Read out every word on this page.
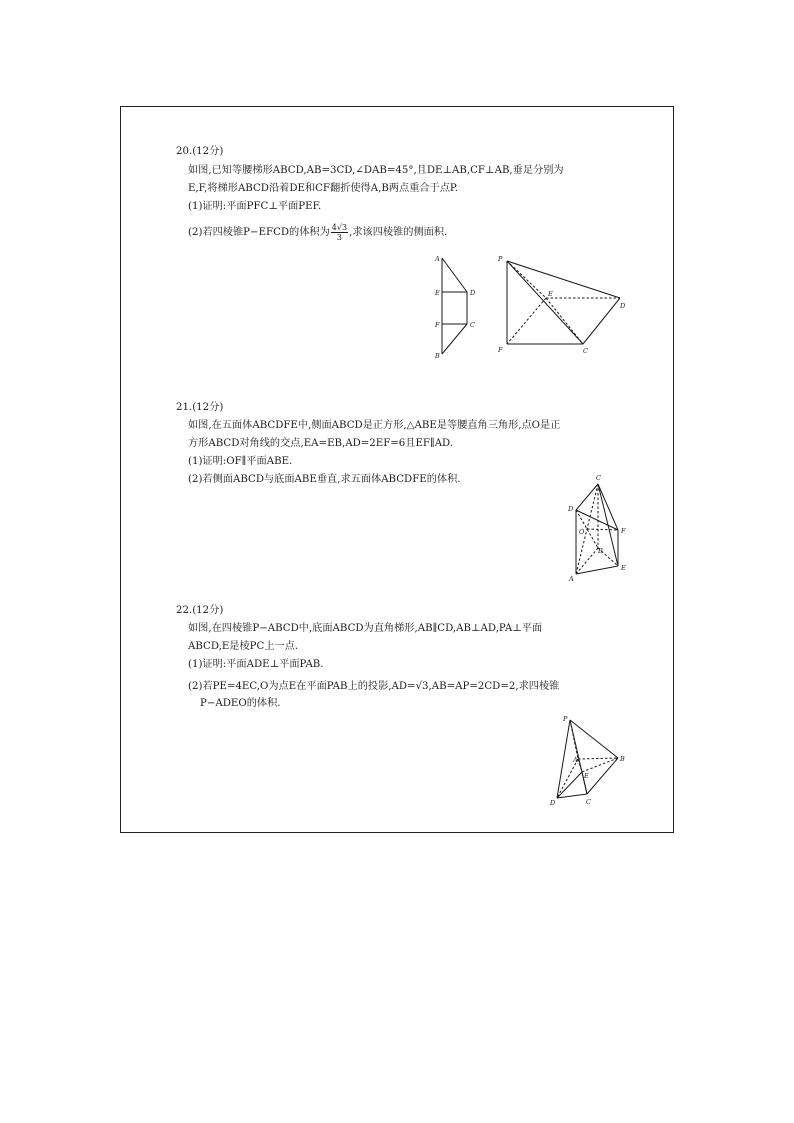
20.(12分)
如图,已知等腰梯形ABCD,AB=3CD,∠DAB=45°,且DE⊥AB,CF⊥AB,垂足分别为
E,F,将梯形ABCD沿着DE和CF翻折使得A,B两点重合于点P.
(1)证明:平面PFC⊥平面PEF.
(2)若四棱锥P−EFCD的体积为 $\frac{4√3}{3}$ ,求该四棱锥的侧面积.
A
E	D
F	C
B
P
E
D
F	C
21.(12分)
如图,在五面体ABCDFE中,侧面ABCD是正方形,△ABE是等腰直角三角形,点O是正
方形ABCD对角线的交点,EA=EB,AD=2EF=6且EF∥AD.
(1)证明:OF∥平面ABE.
(2)若侧面ABCD与底面ABE垂直,求五面体ABCDFE的体积.	C
D
F
O
B
A
E
22.(12分)
如图,在四棱锥P−ABCD中,底面ABCD为直角梯形,AB∥CD,AB⊥AD,PA⊥平面
ABCD,E是棱PC上一点.
(1)证明:平面ADE⊥平面PAB.
(2)若PE=4EC,O为点E在平面PAB上的投影,AD=√3,AB=AP=2CD=2,求四棱锥
P−ADEO的体积.
P
A	B
E
D	C
